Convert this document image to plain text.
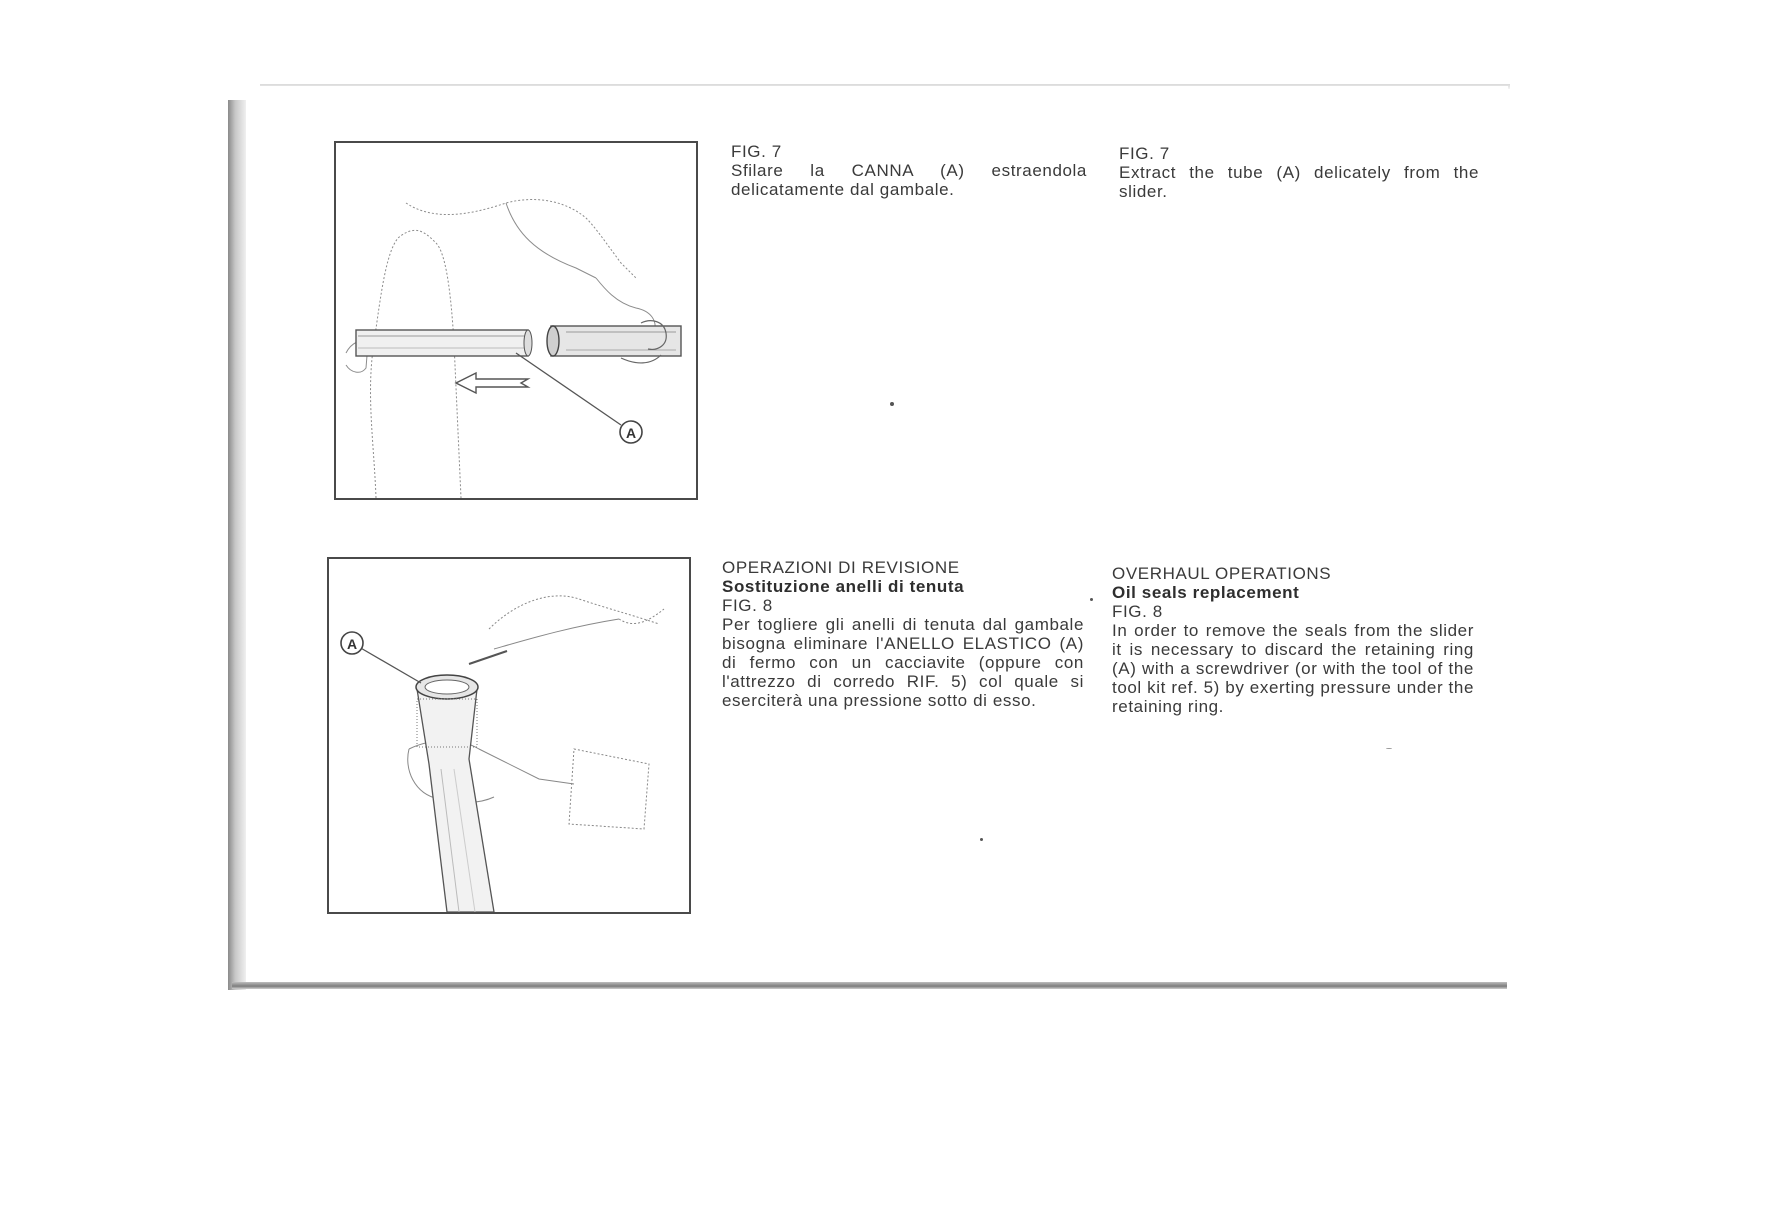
A
A

FIG. 7

Sfilare la CANNA (A) estraendola delicatamente dal gambale.

FIG. 7

Extract the tube (A) delicately from the slider.

OPERAZIONI DI REVISIONE

Sostituzione anelli di tenuta

FIG. 8

Per togliere gli anelli di tenuta dal gambale bisogna eliminare l'ANELLO ELASTICO (A) di fermo con un cacciavite (oppure con l'attrezzo di corredo RIF. 5) col quale si eserciterà una pressione sotto di esso.

OVERHAUL OPERATIONS

Oil seals replacement

FIG. 8

In order to remove the seals from the slider it is necessary to discard the retaining ring (A) with a screwdriver (or with the tool of the tool kit ref. 5) by exerting pressure under the retaining ring.
